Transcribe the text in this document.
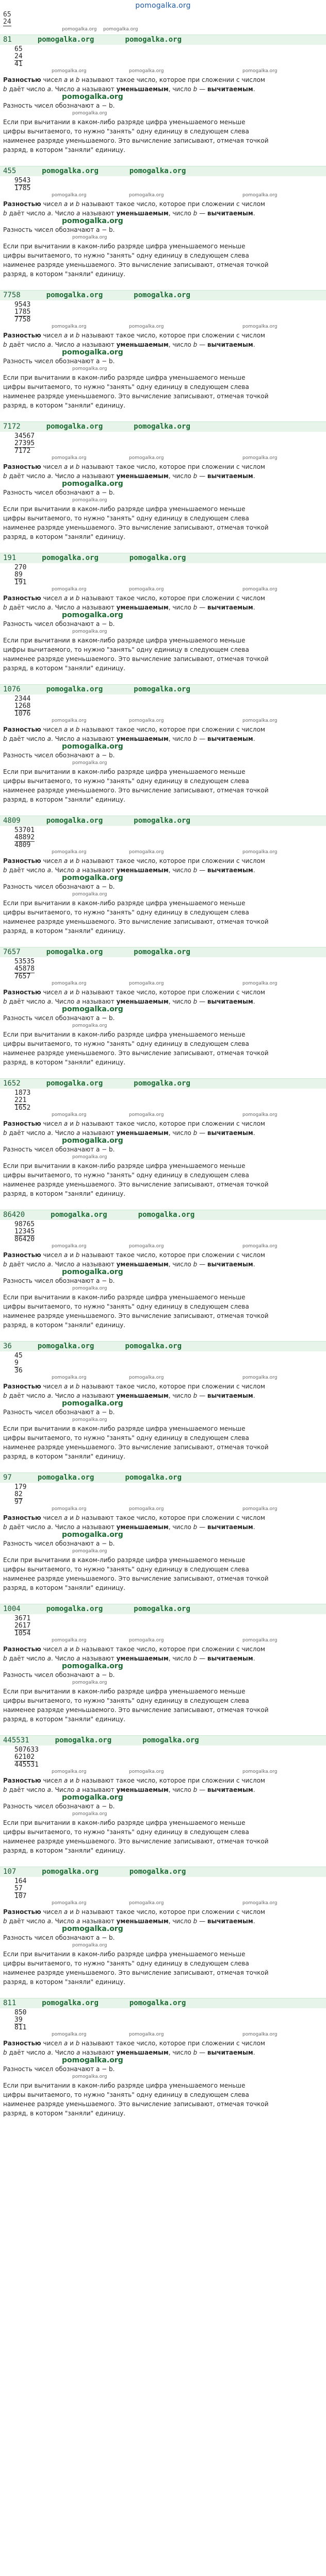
pomogalka.org
65
24
pomogalka.org pomogalka.org
81	pomogalka.org	pomogalka.org
65
24

41
pomogalka.org	pomogalka.org	pomogalka.org
Разностью чисел a и b называют такое число, которое при сложении с числом
b даёт число a. Число a называют уменьшаемым, число b — вычитаемым.
pomogalka.org
Разность чисел обозначают a − b.
pomogalka.org
Если при вычитании в каком-либо разряде цифра уменьшаемого меньше
цифры вычитаемого, то нужно "занять" одну единицу в следующем слева
наименее разряде уменьшаемого. Это вычисление записывают, отмечая точкой
разряд, в котором "заняли" единицу.
455	pomogalka.org	pomogalka.org
9543

1785
pomogalka.org	pomogalka.org	pomogalka.org
Разностью чисел a и b называют такое число, которое при сложении с числом
b даёт число a. Число a называют уменьшаемым, число b — вычитаемым.
pomogalka.org
Разность чисел обозначают a − b.
pomogalka.org
Если при вычитании в каком-либо разряде цифра уменьшаемого меньше
цифры вычитаемого, то нужно "занять" одну единицу в следующем слева
наименее разряде уменьшаемого. Это вычисление записывают, отмечая точкой
разряд, в котором "заняли" единицу.
7758	pomogalka.org	pomogalka.org
9543
1785

7758
pomogalka.org	pomogalka.org	pomogalka.org
Разностью чисел a и b называют такое число, которое при сложении с числом
b даёт число a. Число a называют уменьшаемым, число b — вычитаемым.
pomogalka.org
Разность чисел обозначают a − b.
pomogalka.org
Если при вычитании в каком-либо разряде цифра уменьшаемого меньше
цифры вычитаемого, то нужно "занять" одну единицу в следующем слева
наименее разряде уменьшаемого. Это вычисление записывают, отмечая точкой
разряд, в котором "заняли" единицу.
7172	pomogalka.org	pomogalka.org
34567
27395

7172
pomogalka.org	pomogalka.org	pomogalka.org
Разностью чисел a и b называют такое число, которое при сложении с числом
b даёт число a. Число a называют уменьшаемым, число b — вычитаемым.
pomogalka.org
Разность чисел обозначают a − b.
pomogalka.org
Если при вычитании в каком-либо разряде цифра уменьшаемого меньше
цифры вычитаемого, то нужно "занять" одну единицу в следующем слева
наименее разряде уменьшаемого. Это вычисление записывают, отмечая точкой
разряд, в котором "заняли" единицу.
191	pomogalka.org	pomogalka.org
270
89

191
pomogalka.org	pomogalka.org	pomogalka.org
Разностью чисел a и b называют такое число, которое при сложении с числом
b даёт число a. Число a называют уменьшаемым, число b — вычитаемым.
pomogalka.org
Разность чисел обозначают a − b.
pomogalka.org
Если при вычитании в каком-либо разряде цифра уменьшаемого меньше
цифры вычитаемого, то нужно "занять" одну единицу в следующем слева
наименее разряде уменьшаемого. Это вычисление записывают, отмечая точкой
разряд, в котором "заняли" единицу.
1076	pomogalka.org	pomogalka.org
2344
1268

1076
pomogalka.org	pomogalka.org	pomogalka.org
Разностью чисел a и b называют такое число, которое при сложении с числом
b даёт число a. Число a называют уменьшаемым, число b — вычитаемым.
pomogalka.org
Разность чисел обозначают a − b.
pomogalka.org
Если при вычитании в каком-либо разряде цифра уменьшаемого меньше
цифры вычитаемого, то нужно "занять" одну единицу в следующем слева
наименее разряде уменьшаемого. Это вычисление записывают, отмечая точкой
разряд, в котором "заняли" единицу.
4809	pomogalka.org	pomogalka.org
53701
48892

4809
pomogalka.org	pomogalka.org	pomogalka.org
Разностью чисел a и b называют такое число, которое при сложении с числом
b даёт число a. Число a называют уменьшаемым, число b — вычитаемым.
pomogalka.org
Разность чисел обозначают a − b.
pomogalka.org
Если при вычитании в каком-либо разряде цифра уменьшаемого меньше
цифры вычитаемого, то нужно "занять" одну единицу в следующем слева
наименее разряде уменьшаемого. Это вычисление записывают, отмечая точкой
разряд, в котором "заняли" единицу.
7657	pomogalka.org	pomogalka.org
53535
45878

7657
pomogalka.org	pomogalka.org	pomogalka.org
Разностью чисел a и b называют такое число, которое при сложении с числом
b даёт число a. Число a называют уменьшаемым, число b — вычитаемым.
pomogalka.org
Разность чисел обозначают a − b.
pomogalka.org
Если при вычитании в каком-либо разряде цифра уменьшаемого меньше
цифры вычитаемого, то нужно "занять" одну единицу в следующем слева
наименее разряде уменьшаемого. Это вычисление записывают, отмечая точкой
разряд, в котором "заняли" единицу.
1652	pomogalka.org	pomogalka.org
1873
221

1652
pomogalka.org	pomogalka.org	pomogalka.org
Разностью чисел a и b называют такое число, которое при сложении с числом
b даёт число a. Число a называют уменьшаемым, число b — вычитаемым.
pomogalka.org
Разность чисел обозначают a − b.
pomogalka.org
Если при вычитании в каком-либо разряде цифра уменьшаемого меньше
цифры вычитаемого, то нужно "занять" одну единицу в следующем слева
наименее разряде уменьшаемого. Это вычисление записывают, отмечая точкой
разряд, в котором "заняли" единицу.
86420	pomogalka.org	pomogalka.org
98765
12345

86420
pomogalka.org	pomogalka.org	pomogalka.org
Разностью чисел a и b называют такое число, которое при сложении с числом
b даёт число a. Число a называют уменьшаемым, число b — вычитаемым.
pomogalka.org
Разность чисел обозначают a − b.
pomogalka.org
Если при вычитании в каком-либо разряде цифра уменьшаемого меньше
цифры вычитаемого, то нужно "занять" одну единицу в следующем слева
наименее разряде уменьшаемого. Это вычисление записывают, отмечая точкой
разряд, в котором "заняли" единицу.
36	pomogalka.org	pomogalka.org
45
9

36
pomogalka.org	pomogalka.org	pomogalka.org
Разностью чисел a и b называют такое число, которое при сложении с числом
b даёт число a. Число a называют уменьшаемым, число b — вычитаемым.
pomogalka.org
Разность чисел обозначают a − b.
pomogalka.org
Если при вычитании в каком-либо разряде цифра уменьшаемого меньше
цифры вычитаемого, то нужно "занять" одну единицу в следующем слева
наименее разряде уменьшаемого. Это вычисление записывают, отмечая точкой
разряд, в котором "заняли" единицу.
97	pomogalka.org	pomogalka.org
179
82

97
pomogalka.org	pomogalka.org	pomogalka.org
Разностью чисел a и b называют такое число, которое при сложении с числом
b даёт число a. Число a называют уменьшаемым, число b — вычитаемым.
pomogalka.org
Разность чисел обозначают a − b.
pomogalka.org
Если при вычитании в каком-либо разряде цифра уменьшаемого меньше
цифры вычитаемого, то нужно "занять" одну единицу в следующем слева
наименее разряде уменьшаемого. Это вычисление записывают, отмечая точкой
разряд, в котором "заняли" единицу.
1004	pomogalka.org	pomogalka.org
3671
2617

1054
pomogalka.org	pomogalka.org	pomogalka.org
Разностью чисел a и b называют такое число, которое при сложении с числом
b даёт число a. Число a называют уменьшаемым, число b — вычитаемым.
pomogalka.org
Разность чисел обозначают a − b.
pomogalka.org
Если при вычитании в каком-либо разряде цифра уменьшаемого меньше
цифры вычитаемого, то нужно "занять" одну единицу в следующем слева
наименее разряде уменьшаемого. Это вычисление записывают, отмечая точкой
разряд, в котором "заняли" единицу.
445531	pomogalka.org	pomogalka.org
507633
62102

445531
pomogalka.org	pomogalka.org	pomogalka.org
Разностью чисел a и b называют такое число, которое при сложении с числом
b даёт число a. Число a называют уменьшаемым, число b — вычитаемым.
pomogalka.org
Разность чисел обозначают a − b.
pomogalka.org
Если при вычитании в каком-либо разряде цифра уменьшаемого меньше
цифры вычитаемого, то нужно "занять" одну единицу в следующем слева
наименее разряде уменьшаемого. Это вычисление записывают, отмечая точкой
разряд, в котором "заняли" единицу.
107	pomogalka.org	pomogalka.org
164
57

107
pomogalka.org	pomogalka.org	pomogalka.org
Разностью чисел a и b называют такое число, которое при сложении с числом
b даёт число a. Число a называют уменьшаемым, число b — вычитаемым.
pomogalka.org
Разность чисел обозначают a − b.
pomogalka.org
Если при вычитании в каком-либо разряде цифра уменьшаемого меньше
цифры вычитаемого, то нужно "занять" одну единицу в следующем слева
наименее разряде уменьшаемого. Это вычисление записывают, отмечая точкой
разряд, в котором "заняли" единицу.
811	pomogalka.org	pomogalka.org
850
39

811
pomogalka.org	pomogalka.org	pomogalka.org
Разностью чисел a и b называют такое число, которое при сложении с числом
b даёт число a. Число a называют уменьшаемым, число b — вычитаемым.
pomogalka.org
Разность чисел обозначают a − b.
pomogalka.org
Если при вычитании в каком-либо разряде цифра уменьшаемого меньше
цифры вычитаемого, то нужно "занять" одну единицу в следующем слева
наименее разряде уменьшаемого. Это вычисление записывают, отмечая точкой
разряд, в котором "заняли" единицу.
